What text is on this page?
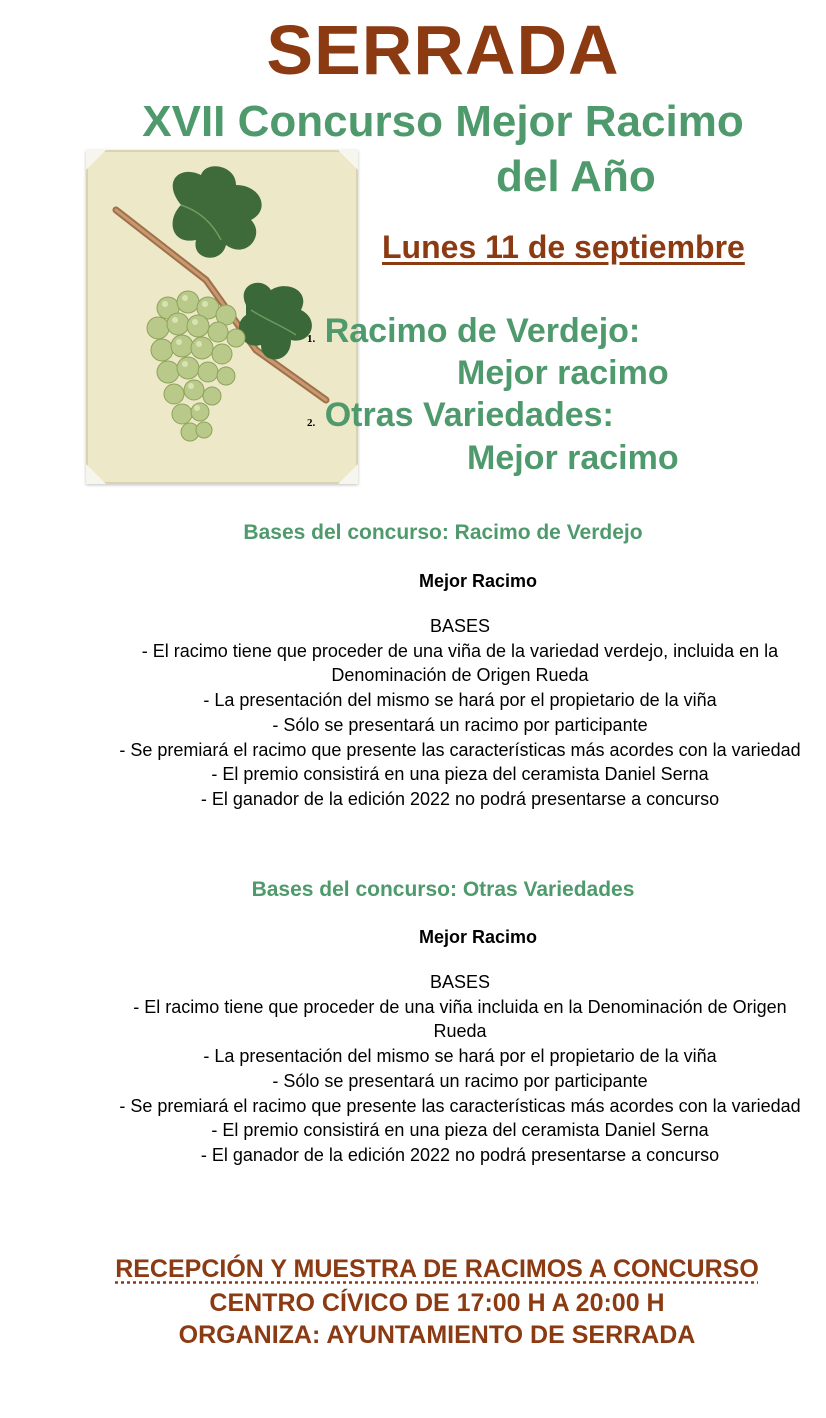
SERRADA
XVII Concurso Mejor Racimo
del Año
Lunes 11 de septiembre
1. Racimo de Verdejo:
Mejor racimo
2. Otras Variedades:
Mejor racimo
Bases del concurso: Racimo de Verdejo
Mejor Racimo
BASES
- El racimo tiene que proceder de una viña de la variedad verdejo, incluida en la Denominación de Origen Rueda
- La presentación del mismo se hará por el propietario de la viña
- Sólo se presentará un racimo por participante
- Se premiará el racimo que presente las características más acordes con la variedad
- El premio consistirá en una pieza del ceramista Daniel Serna
- El ganador de la edición 2022 no podrá presentarse a concurso
Bases del concurso: Otras Variedades
Mejor Racimo
BASES
- El racimo tiene que proceder de una viña incluida en la Denominación de Origen Rueda
- La presentación del mismo se hará por el propietario de la viña
- Sólo se presentará un racimo por participante
- Se premiará el racimo que presente las características más acordes con la variedad
- El premio consistirá en una pieza del ceramista Daniel Serna
- El ganador de la edición 2022 no podrá presentarse a concurso
RECEPCIÓN Y MUESTRA DE RACIMOS A CONCURSO
CENTRO CÍVICO DE 17:00 H A 20:00 H
ORGANIZA: AYUNTAMIENTO DE SERRADA
